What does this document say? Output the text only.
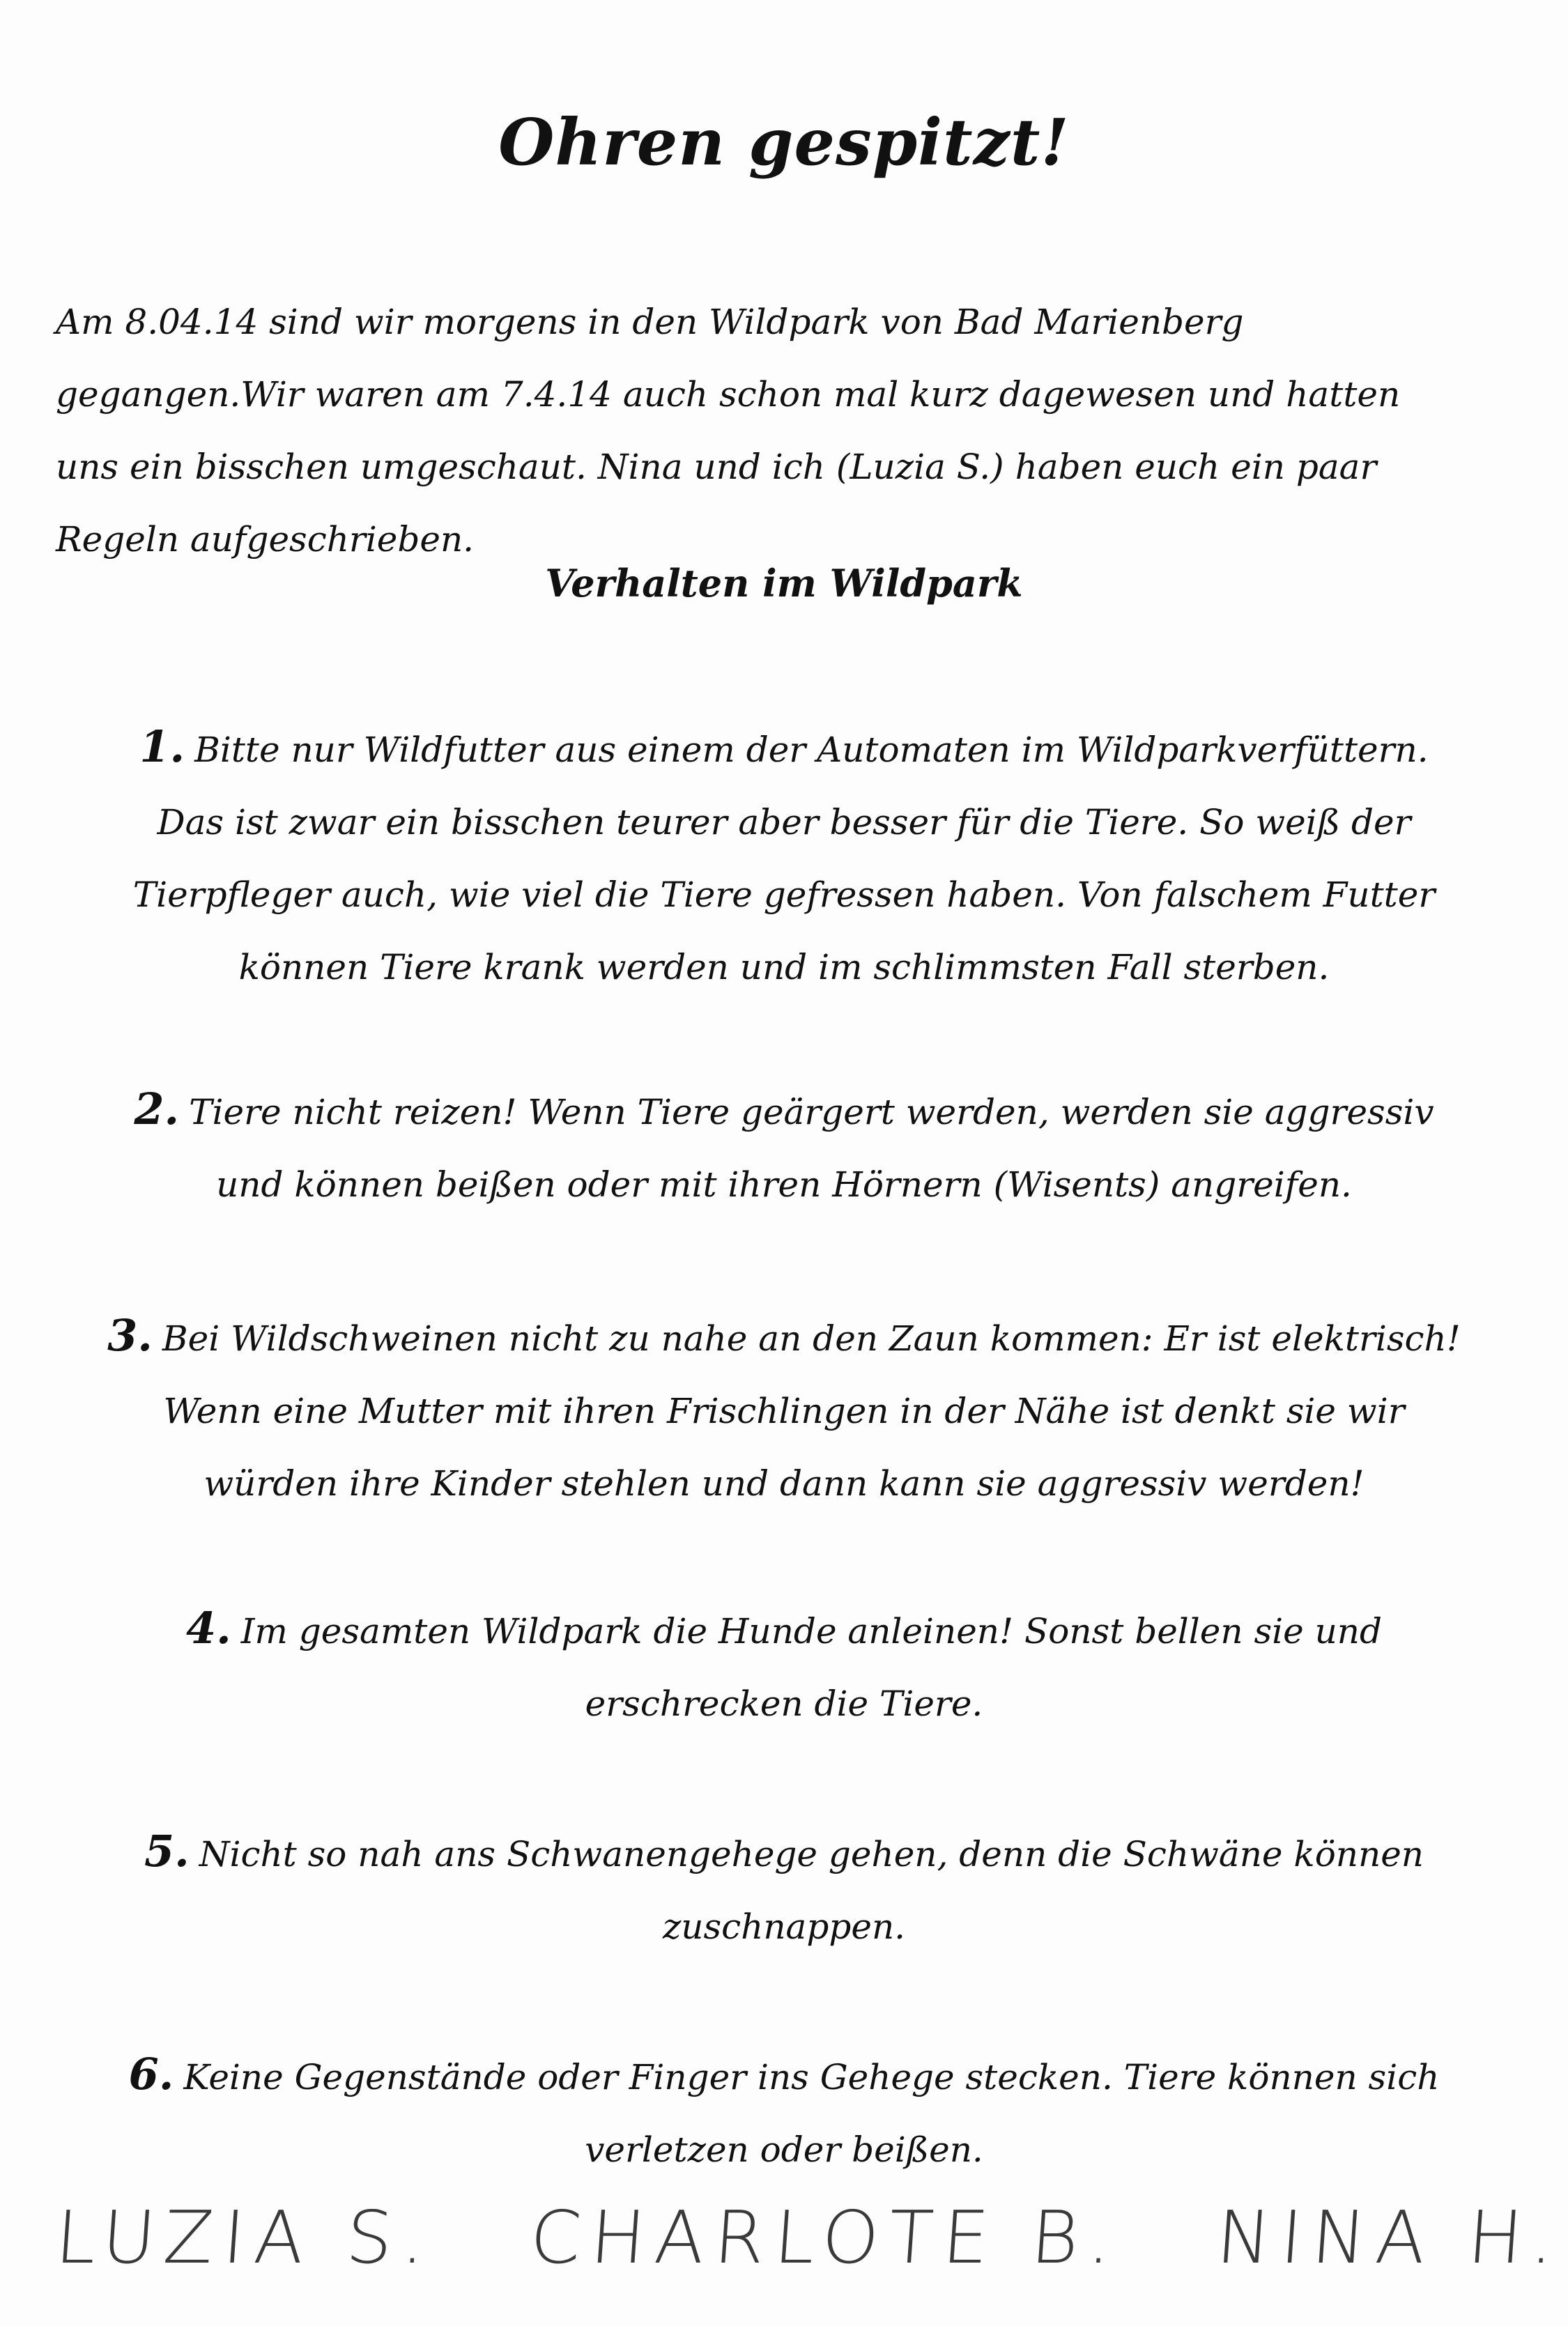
Ohren gespitzt!

Am 8.04.14 sind wir morgens in den Wildpark von Bad Marienberg gegangen.Wir waren am 7.4.14 auch schon mal kurz dagewesen und hatten uns ein bisschen umgeschaut. Nina und ich (Luzia S.) haben euch ein paar Regeln aufgeschrieben.

Verhalten im Wildpark

1. Bitte nur Wildfutter aus einem der Automaten im Wildparkverfüttern. Das ist zwar ein bisschen teurer aber besser für die Tiere. So weiß der Tierpfleger auch, wie viel die Tiere gefressen haben. Von falschem Futter können Tiere krank werden und im schlimmsten Fall sterben.

2. Tiere nicht reizen! Wenn Tiere geärgert werden, werden sie aggressiv und können beißen oder mit ihren Hörnern (Wisents) angreifen.

3. Bei Wildschweinen nicht zu nahe an den Zaun kommen: Er ist elektrisch! Wenn eine Mutter mit ihren Frischlingen in der Nähe ist denkt sie wir würden ihre Kinder stehlen und dann kann sie aggressiv werden!

4. Im gesamten Wildpark die Hunde anleinen! Sonst bellen sie und erschrecken die Tiere.

5. Nicht so nah ans Schwanengehege gehen, denn die Schwäne können zuschnappen.

6. Keine Gegenstände oder Finger ins Gehege stecken. Tiere können sich verletzen oder beißen.

LUZIA S. CHARLOTE B. NINA H.
